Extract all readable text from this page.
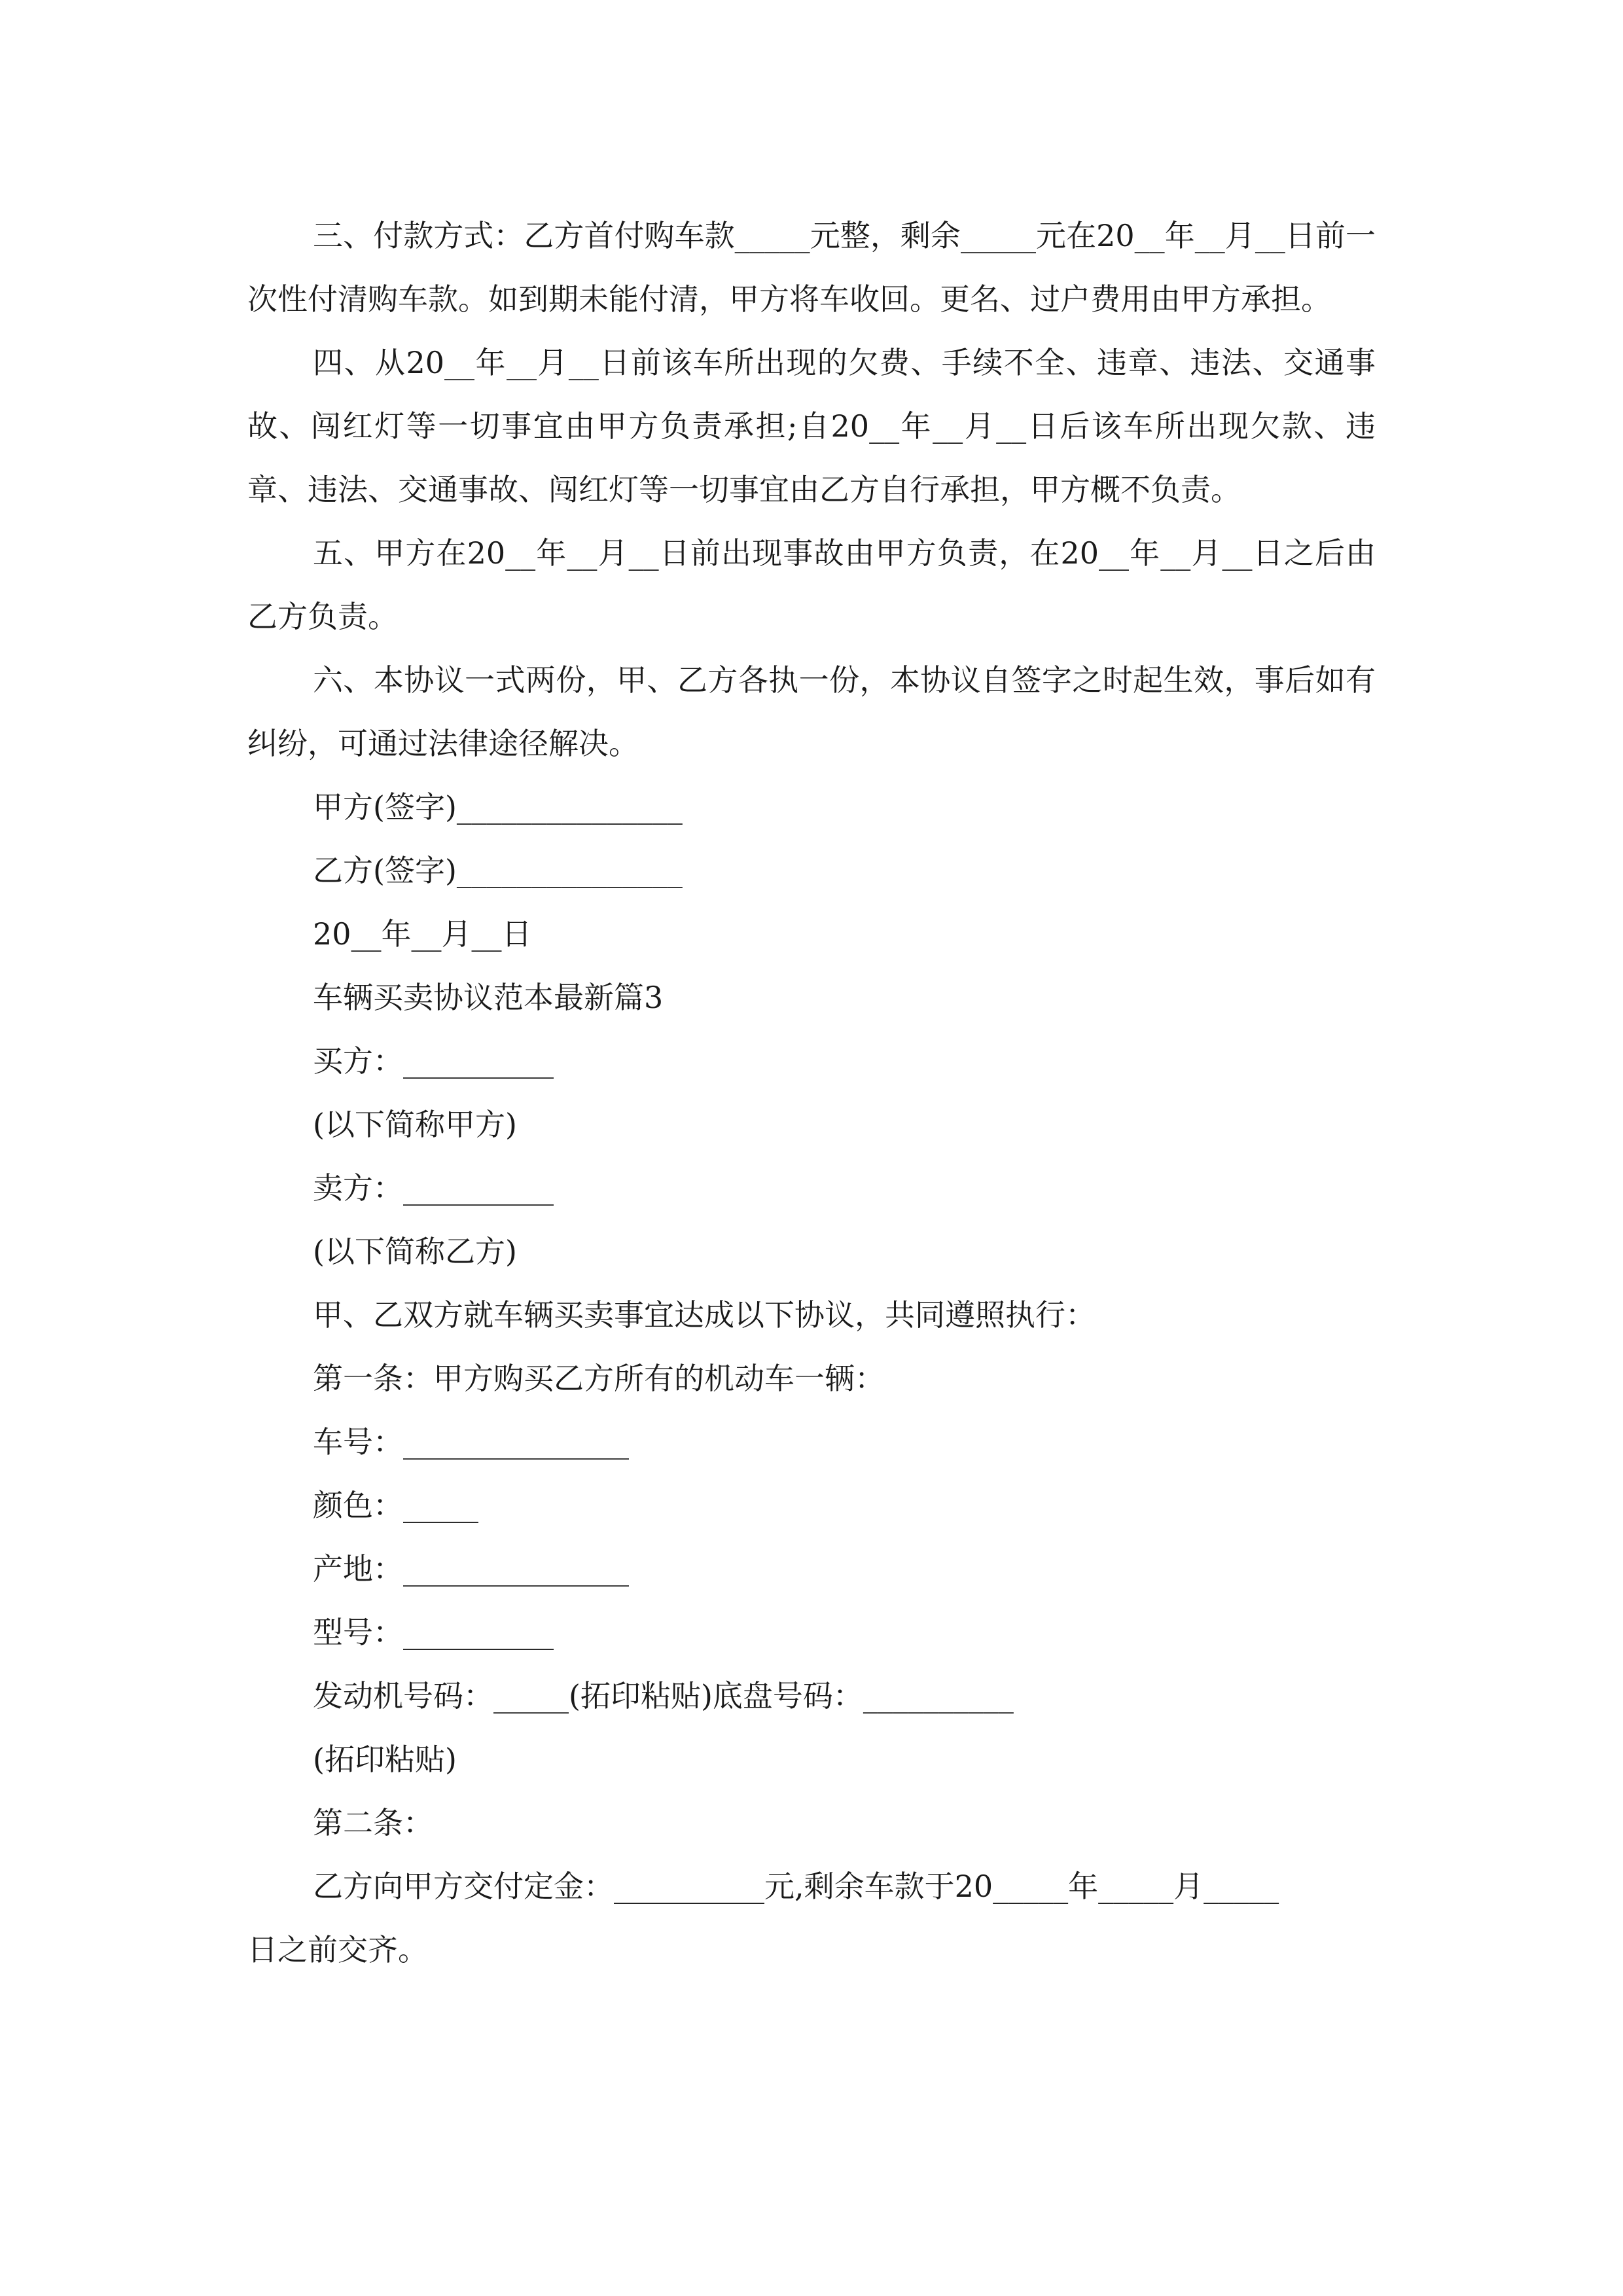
三、付款方式：乙方首付购车款_____元整，剩余_____元在20__年__月__日前一次性付清购车款。如到期未能付清，甲方将车收回。更名、过户费用由甲方承担。

四、从20__年__月__日前该车所出现的欠费、手续不全、违章、违法、交通事故、闯红灯等一切事宜由甲方负责承担;自20__年__月__日后该车所出现欠款、违章、违法、交通事故、闯红灯等一切事宜由乙方自行承担，甲方概不负责。

五、甲方在20__年__月__日前出现事故由甲方负责，在20__年__月__日之后由乙方负责。

六、本协议一式两份，甲、乙方各执一份，本协议自签字之时起生效，事后如有纠纷，可通过法律途径解决。

甲方(签字)_______________

乙方(签字)_______________

20__年__月__日

车辆买卖协议范本最新篇3

买方：__________

(以下简称甲方)

卖方：__________

(以下简称乙方)

甲、乙双方就车辆买卖事宜达成以下协议，共同遵照执行：

第一条：甲方购买乙方所有的机动车一辆：

车号：_______________

颜色：_____

产地：_______________

型号：__________

发动机号码：_____(拓印粘贴)底盘号码：__________

(拓印粘贴)

第二条：

乙方向甲方交付定金：__________元,剩余车款于20_____年_____月_____

日之前交齐。
